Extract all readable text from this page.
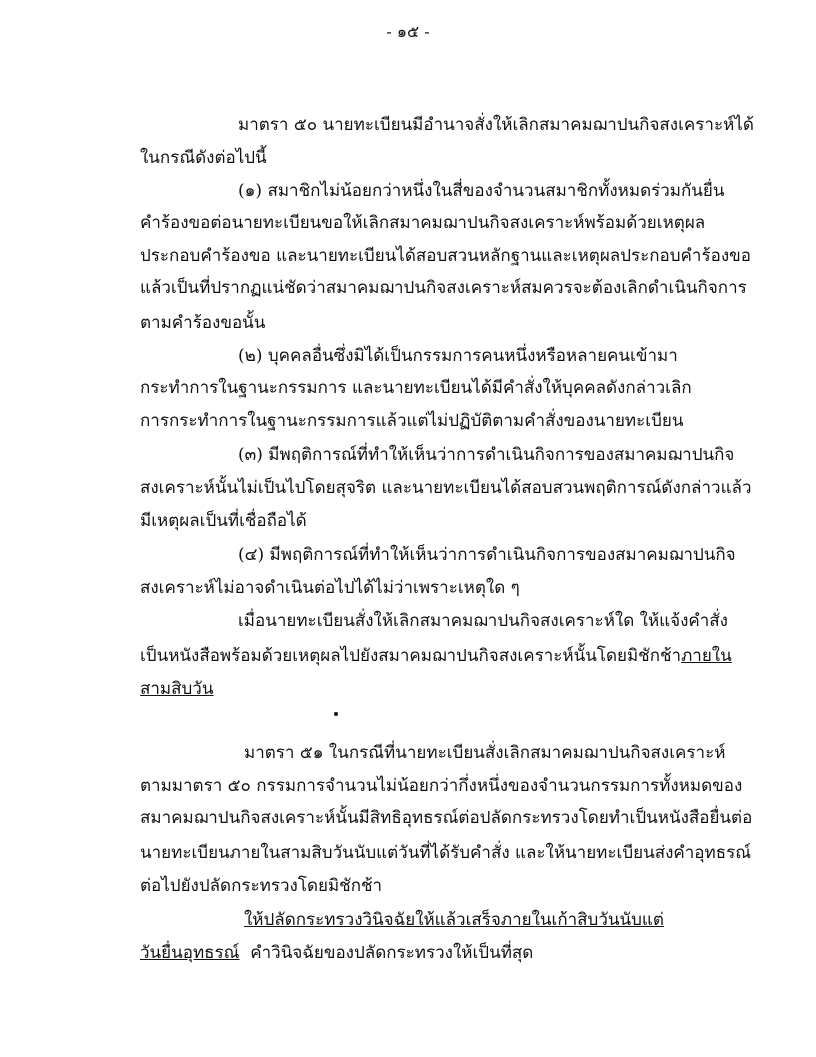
- ๑๕ -
มาตรา ๕๐ นายทะเบียนมีอำนาจสั่งให้เลิกสมาคมฌาปนกิจสงเคราะห์ได้
ในกรณีดังต่อไปนี้
(๑) สมาชิกไม่น้อยกว่าหนึ่งในสี่ของจำนวนสมาชิกทั้งหมดร่วมกันยื่น
คำร้องขอต่อนายทะเบียนขอให้เลิกสมาคมฌาปนกิจสงเคราะห์พร้อมด้วยเหตุผล
ประกอบคำร้องขอ และนายทะเบียนได้สอบสวนหลักฐานและเหตุผลประกอบคำร้องขอ
แล้วเป็นที่ปรากฏแน่ชัดว่าสมาคมฌาปนกิจสงเคราะห์สมควรจะต้องเลิกดำเนินกิจการ
ตามคำร้องขอนั้น
(๒) บุคคลอื่นซึ่งมิได้เป็นกรรมการคนหนึ่งหรือหลายคนเข้ามา
กระทำการในฐานะกรรมการ และนายทะเบียนได้มีคำสั่งให้บุคคลดังกล่าวเลิก
การกระทำการในฐานะกรรมการแล้วแต่ไม่ปฏิบัติตามคำสั่งของนายทะเบียน
(๓) มีพฤติการณ์ที่ทำให้เห็นว่าการดำเนินกิจการของสมาคมฌาปนกิจ
สงเคราะห์นั้นไม่เป็นไปโดยสุจริต และนายทะเบียนได้สอบสวนพฤติการณ์ดังกล่าวแล้ว
มีเหตุผลเป็นที่เชื่อถือได้
(๔) มีพฤติการณ์ที่ทำให้เห็นว่าการดำเนินกิจการของสมาคมฌาปนกิจ
สงเคราะห์ไม่อาจดำเนินต่อไปได้ไม่ว่าเพราะเหตุใด ๆ
เมื่อนายทะเบียนสั่งให้เลิกสมาคมฌาปนกิจสงเคราะห์ใด ให้แจ้งคำสั่ง
เป็นหนังสือพร้อมด้วยเหตุผลไปยังสมาคมฌาปนกิจสงเคราะห์นั้นโดยมิชักช้าภายใน
สามสิบวัน
มาตรา ๕๑ ในกรณีที่นายทะเบียนสั่งเลิกสมาคมฌาปนกิจสงเคราะห์
ตามมาตรา ๕๐ กรรมการจำนวนไม่น้อยกว่ากึ่งหนึ่งของจำนวนกรรมการทั้งหมดของ
สมาคมฌาปนกิจสงเคราะห์นั้นมีสิทธิอุทธรณ์ต่อปลัดกระทรวงโดยทำเป็นหนังสือยื่นต่อ
นายทะเบียนภายในสามสิบวันนับแต่วันที่ได้รับคำสั่ง และให้นายทะเบียนส่งคำอุทธรณ์
ต่อไปยังปลัดกระทรวงโดยมิชักช้า
ให้ปลัดกระทรวงวินิจฉัยให้แล้วเสร็จภายในเก้าสิบวันนับแต่
วันยื่นอุทธรณ์ คำวินิจฉัยของปลัดกระทรวงให้เป็นที่สุด
